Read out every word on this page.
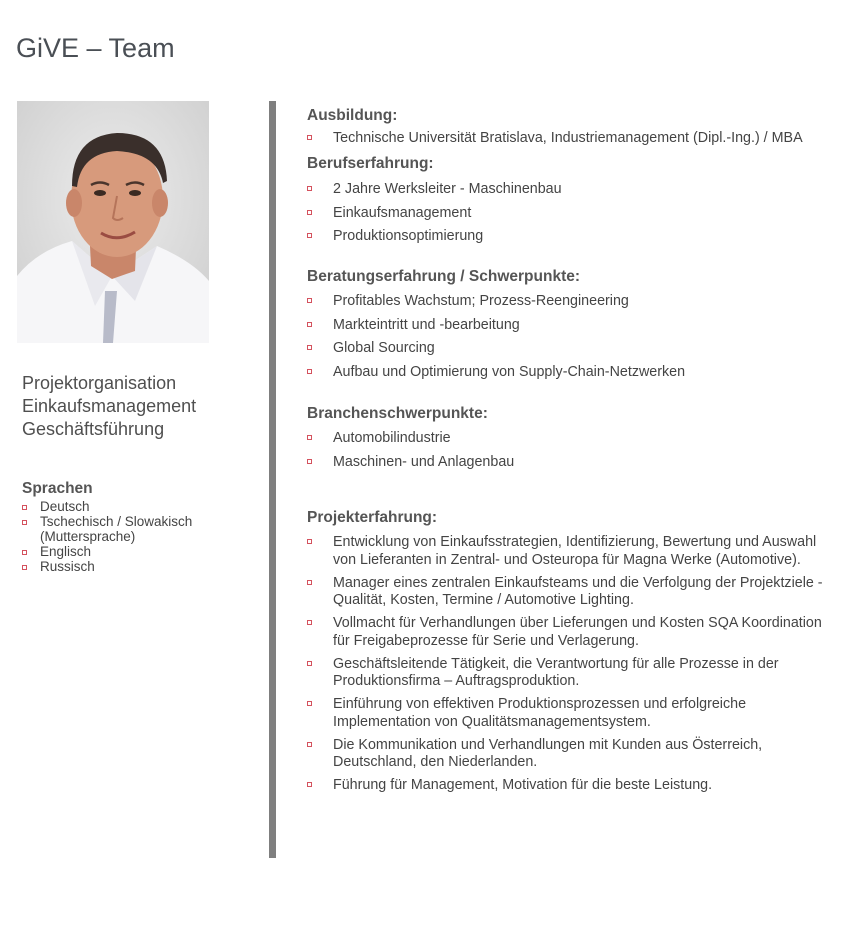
GiVE – Team
Projektorganisation
Einkaufsmanagement
Geschäftsführung
Sprachen
Deutsch
Tschechisch / Slowakisch (Muttersprache)
Englisch
Russisch
Ausbildung:
Technische Universität Bratislava, Industriemanagement (Dipl.-Ing.) / MBA
Berufserfahrung:
2 Jahre Werksleiter - Maschinenbau
Einkaufsmanagement
Produktionsoptimierung
Beratungserfahrung / Schwerpunkte:
Profitables Wachstum; Prozess-Reengineering
Markteintritt und -bearbeitung
Global Sourcing
Aufbau und Optimierung von Supply-Chain-Netzwerken
Branchenschwerpunkte:
Automobilindustrie
Maschinen- und Anlagenbau
Projekterfahrung:
Entwicklung von Einkaufsstrategien, Identifizierung, Bewertung und Auswahl von Lieferanten in Zentral- und Osteuropa für Magna Werke (Automotive).
Manager eines zentralen Einkaufsteams und die Verfolgung der Projektziele - Qualität, Kosten, Termine / Automotive Lighting.
Vollmacht für Verhandlungen über Lieferungen und Kosten SQA Koordination für Freigabeprozesse für Serie und Verlagerung.
Geschäftsleitende Tätigkeit, die Verantwortung für alle Prozesse in der Produktionsfirma – Auftragsproduktion.
Einführung von effektiven Produktionsprozessen und erfolgreiche Implementation von Qualitätsmanagementsystem.
Die Kommunikation und Verhandlungen mit Kunden aus Österreich, Deutschland, den Niederlanden.
Führung für Management, Motivation für die beste Leistung.
